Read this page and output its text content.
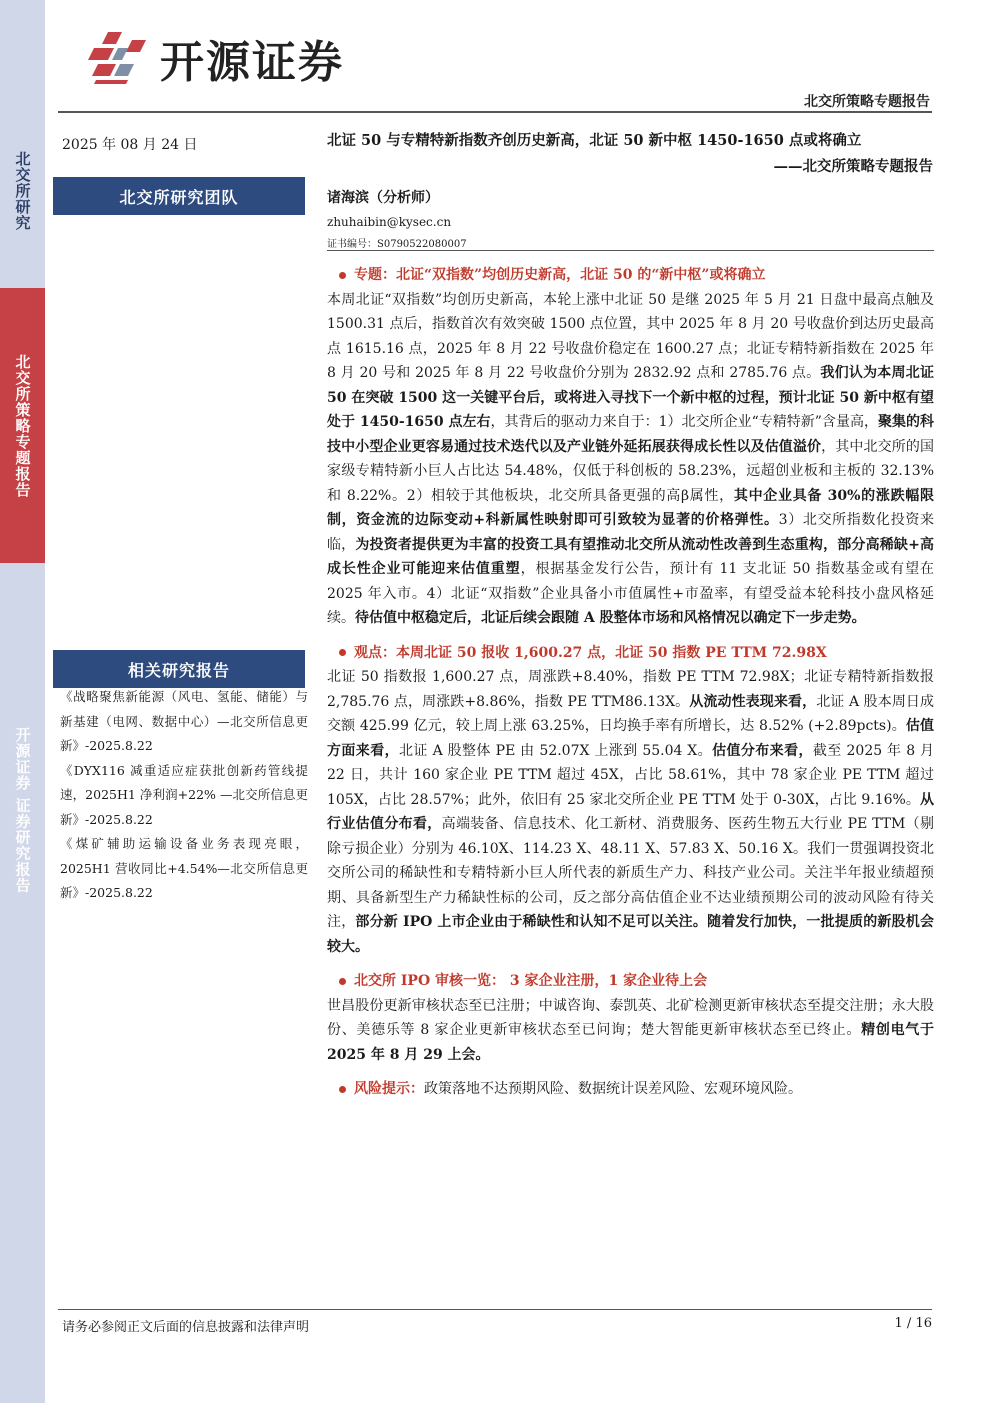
北交所研究
北交所策略专题报告
开源证券 证券研究报告
开源证券
北交所策略专题报告
2025 年 08 月 24 日	北证 50 与专精特新指数齐创历史新高，北证 50 新中枢 1450-1650 点或将确立
——北交所策略专题报告
北交所研究团队	诸海滨（分析师）
zhuhaibin@kysec.cn
证书编号：S0790522080007
相关研究报告

《战略聚焦新能源（风电、氢能、储能）与新基建（电网、数据中心）—北交所信息更新》-2025.8.22

《DYX116 减重适应症获批创新药管线提速，2025H1 净利润+22% —北交所信息更新》-2025.8.22

《煤矿辅助运输设备业务表现亮眼，2025H1 营收同比+4.54%—北交所信息更新》-2025.8.22

专题：北证“双指数”均创历史新高，北证 50 的“新中枢”或将确立

本周北证“双指数”均创历史新高，本轮上涨中北证 50 是继 2025 年 5 月 21 日盘中最高点触及 1500.31 点后，指数首次有效突破 1500 点位置，其中 2025 年 8 月 20 号收盘价到达历史最高点 1615.16 点，2025 年 8 月 22 号收盘价稳定在 1600.27 点；北证专精特新指数在 2025 年 8 月 20 号和 2025 年 8 月 22 号收盘价分别为 2832.92 点和 2785.76 点。我们认为本周北证 50 在突破 1500 这一关键平台后，或将进入寻找下一个新中枢的过程，预计北证 50 新中枢有望处于 1450-1650 点左右，其背后的驱动力来自于：1）北交所企业“专精特新”含量高，聚集的科技中小型企业更容易通过技术迭代以及产业链外延拓展获得成长性以及估值溢价，其中北交所的国家级专精特新小巨人占比达 54.48%，仅低于科创板的 58.23%，远超创业板和主板的 32.13%和 8.22%。2）相较于其他板块，北交所具备更强的高β属性，其中企业具备 30%的涨跌幅限制，资金流的边际变动+科新属性映射即可引致较为显著的价格弹性。3）北交所指数化投资来临，为投资者提供更为丰富的投资工具有望推动北交所从流动性改善到生态重构，部分高稀缺+高成长性企业可能迎来估值重塑，根据基金发行公告，预计有 11 支北证 50 指数基金或有望在 2025 年入市。4）北证“双指数”企业具备小市值属性+市盈率，有望受益本轮科技小盘风格延续。待估值中枢稳定后，北证后续会跟随 A 股整体市场和风格情况以确定下一步走势。

观点：本周北证 50 报收 1,600.27 点，北证 50 指数 PE TTM 72.98X

北证 50 指数报 1,600.27 点，周涨跌+8.40%，指数 PE TTM 72.98X；北证专精特新指数报 2,785.76 点，周涨跌+8.86%，指数 PE TTM86.13X。从流动性表现来看，北证 A 股本周日成交额 425.99 亿元，较上周上涨 63.25%，日均换手率有所增长，达 8.52% (+2.89pcts)。估值方面来看，北证 A 股整体 PE 由 52.07X 上涨到 55.04 X。估值分布来看，截至 2025 年 8 月 22 日，共计 160 家企业 PE TTM 超过 45X，占比 58.61%，其中 78 家企业 PE TTM 超过 105X，占比 28.57%；此外，依旧有 25 家北交所企业 PE TTM 处于 0-30X，占比 9.16%。从行业估值分布看，高端装备、信息技术、化工新材、消费服务、医药生物五大行业 PE TTM（剔除亏损企业）分别为 46.10X、114.23 X、48.11 X、57.83 X、50.16 X。我们一贯强调投资北交所公司的稀缺性和专精特新小巨人所代表的新质生产力、科技产业公司。关注半年报业绩超预期、具备新型生产力稀缺性标的公司，反之部分高估值企业不达业绩预期公司的波动风险有待关注，部分新 IPO 上市企业由于稀缺性和认知不足可以关注。随着发行加快，一批提质的新股机会较大。

北交所 IPO 审核一览： 3 家企业注册，1 家企业待上会

世昌股份更新审核状态至已注册；中诚咨询、泰凯英、北矿检测更新审核状态至提交注册；永大股份、美德乐等 8 家企业更新审核状态至已问询；楚大智能更新审核状态至已终止。精创电气于 2025 年 8 月 29 上会。

风险提示： 政策落地不达预期风险、数据统计误差风险、宏观环境风险。

请务必参阅正文后面的信息披露和法律声明	1 / 16
